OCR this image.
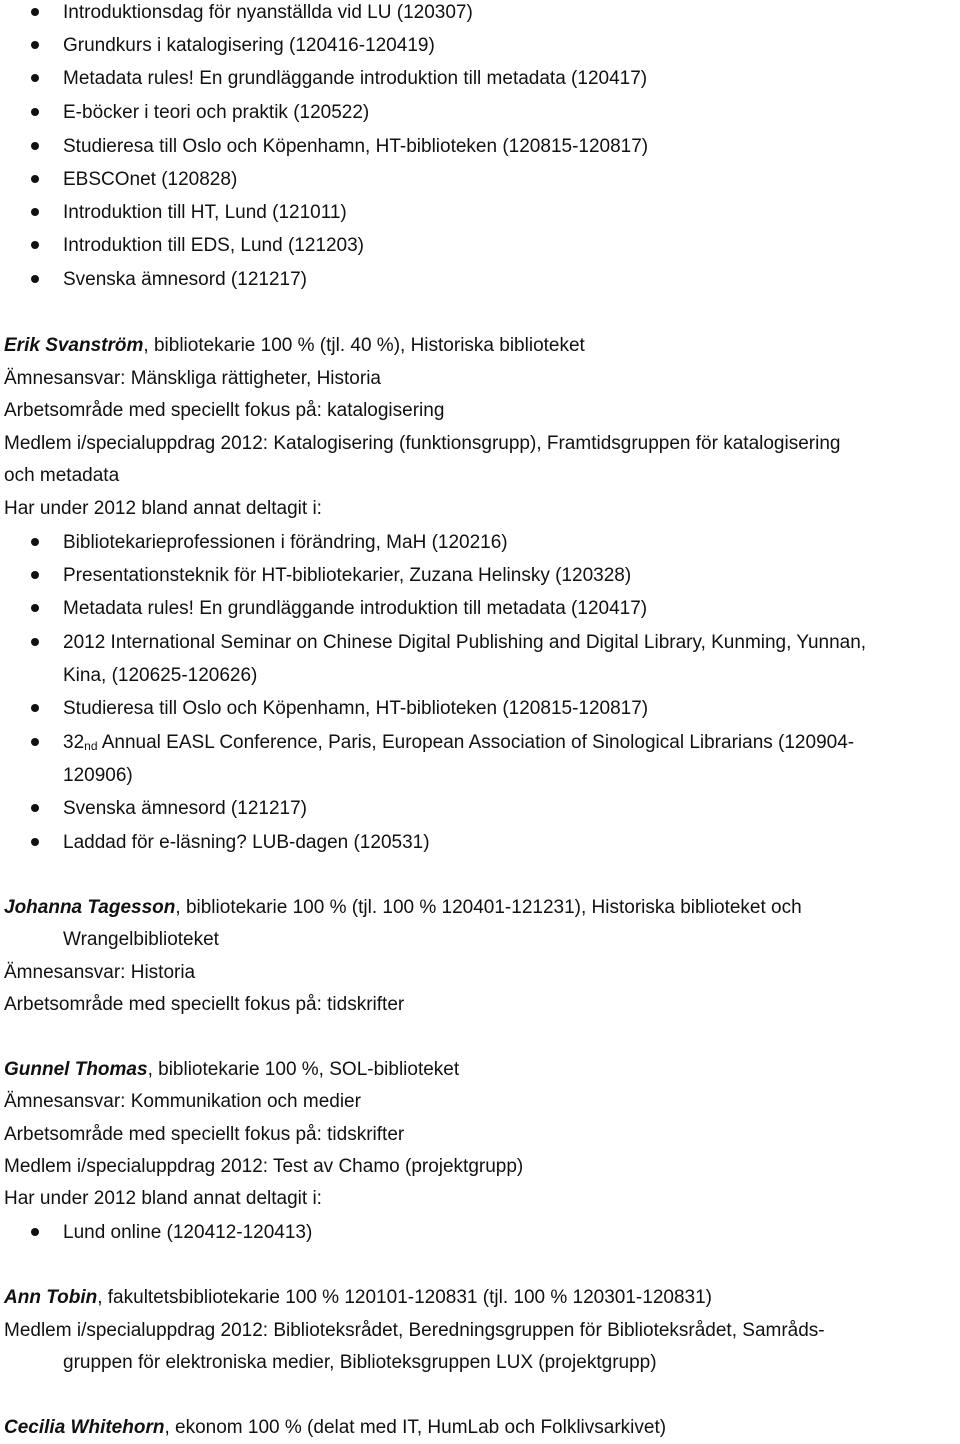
Introduktionsdag för nyanställda vid LU (120307)
Grundkurs i katalogisering (120416-120419)
Metadata rules! En grundläggande introduktion till metadata (120417)
E-böcker i teori och praktik (120522)
Studieresa till Oslo och Köpenhamn, HT-biblioteken (120815-120817)
EBSCOnet (120828)
Introduktion till HT, Lund (121011)
Introduktion till EDS, Lund (121203)
Svenska ämnesord (121217)
Erik Svanström, bibliotekarie 100 % (tjl. 40 %), Historiska biblioteket
Ämnesansvar: Mänskliga rättigheter, Historia
Arbetsområde med speciellt fokus på: katalogisering
Medlem i/specialuppdrag 2012: Katalogisering (funktionsgrupp), Framtidsgruppen för katalogisering
och metadata
Har under 2012 bland annat deltagit i:
Bibliotekarieprofessionen i förändring, MaH (120216)
Presentationsteknik för HT-bibliotekarier, Zuzana Helinsky (120328)
Metadata rules! En grundläggande introduktion till metadata (120417)
2012 International Seminar on Chinese Digital Publishing and Digital Library, Kunming, Yunnan,
Kina, (120625-120626)
Studieresa till Oslo och Köpenhamn, HT-biblioteken (120815-120817)
$32_{nd}$ Annual EASL Conference, Paris, European Association of Sinological Librarians (120904-
120906)
Svenska ämnesord (121217)
Laddad för e-läsning? LUB-dagen (120531)
Johanna Tagesson, bibliotekarie 100 % (tjl. 100 % 120401-121231), Historiska biblioteket och
Wrangelbiblioteket
Ämnesansvar: Historia
Arbetsområde med speciellt fokus på: tidskrifter
Gunnel Thomas, bibliotekarie 100 %, SOL-biblioteket
Ämnesansvar: Kommunikation och medier
Arbetsområde med speciellt fokus på: tidskrifter
Medlem i/specialuppdrag 2012: Test av Chamo (projektgrupp)
Har under 2012 bland annat deltagit i:
Lund online (120412-120413)
Ann Tobin, fakultetsbibliotekarie 100 % 120101-120831 (tjl. 100 % 120301-120831)
Medlem i/specialuppdrag 2012: Biblioteksrådet, Beredningsgruppen för Biblioteksrådet, Samråds-
gruppen för elektroniska medier, Biblioteksgruppen LUX (projektgrupp)
Cecilia Whitehorn, ekonom 100 % (delat med IT, HumLab och Folklivsarkivet)
